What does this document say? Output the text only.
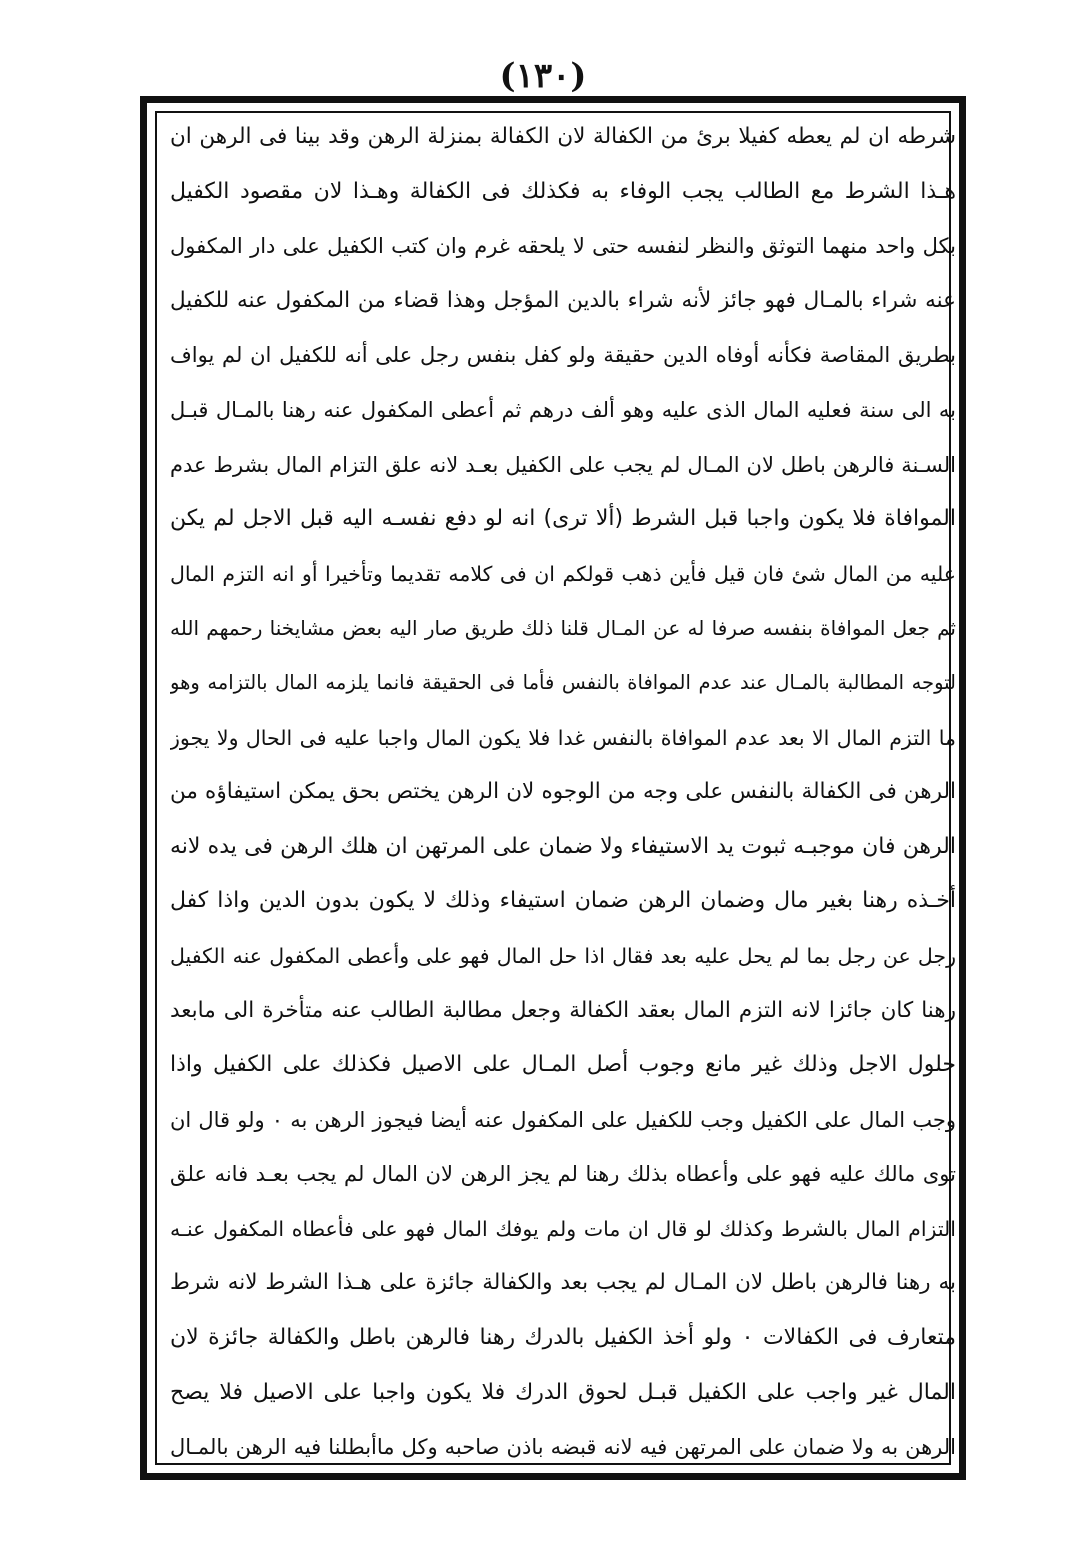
(١٣٠)
شرطه ان لم يعطه كفيلا برئ من الكفالة لان الكفالة بمنزلة الرهن وقد بينا فى الرهن ان
هـذا الشرط مع الطالب يجب الوفاء به فكذلك فى الكفالة وهـذا لان مقصود الكفيل
بكل واحد منهما التوثق والنظر لنفسه حتى لا يلحقه غرم وان كتب الكفيل على دار المكفول
عنه شراء بالمـال فهو جائز لأنه شراء بالدين المؤجل وهذا قضاء من المكفول عنه للكفيل
بطريق المقاصة فكأنه أوفاه الدين حقيقة ولو كفل بنفس رجل على أنه للكفيل ان لم يواف
به الى سنة فعليه المال الذى عليه وهو ألف درهم ثم أعطى المكفول عنه رهنا بالمـال قبـل
السـنة فالرهن باطل لان المـال لم يجب على الكفيل بعـد لانه علق التزام المال بشرط عدم
الموافاة فلا يكون واجبا قبل الشرط (ألا ترى) انه لو دفع نفسـه اليه قبل الاجل لم يكن
عليه من المال شئ فان قيل فأين ذهب قولكم ان فى كلامه تقديما وتأخيرا أو انه التزم المال
ثم جعل الموافاة بنفسه صرفا له عن المـال قلنا ذلك طريق صار اليه بعض مشايخنا رحمهم الله
لتوجه المطالبة بالمـال عند عدم الموافاة بالنفس فأما فى الحقيقة فانما يلزمه المال بالتزامه وهو
ما التزم المال الا بعد عدم الموافاة بالنفس غدا فلا يكون المال واجبا عليه فى الحال ولا يجوز
الرهن فى الكفالة بالنفس على وجه من الوجوه لان الرهن يختص بحق يمكن استيفاؤه من
الرهن فان موجبـه ثبوت يد الاستيفاء ولا ضمان على المرتهن ان هلك الرهن فى يده لانه
أخـذه رهنا بغير مال وضمان الرهن ضمان استيفاء وذلك لا يكون بدون الدين واذا كفل
رجل عن رجل بما لم يحل عليه بعد فقال اذا حل المال فهو على وأعطى المكفول عنه الكفيل
رهنا كان جائزا لانه التزم المال بعقد الكفالة وجعل مطالبة الطالب عنه متأخرة الى مابعد
حلول الاجل وذلك غير مانع وجوب أصل المـال على الاصيل فكذلك على الكفيل واذا
وجب المال على الكفيل وجب للكفيل على المكفول عنه أيضا فيجوز الرهن به ٠ ولو قال ان
توى مالك عليه فهو على وأعطاه بذلك رهنا لم يجز الرهن لان المال لم يجب بعـد فانه علق
التزام المال بالشرط وكذلك لو قال ان مات ولم يوفك المال فهو على فأعطاه المكفول عنـه
به رهنا فالرهن باطل لان المـال لم يجب بعد والكفالة جائزة على هـذا الشرط لانه شرط
متعارف فى الكفالات ٠ ولو أخذ الكفيل بالدرك رهنا فالرهن باطل والكفالة جائزة لان
المال غير واجب على الكفيل قبـل لحوق الدرك فلا يكون واجبا على الاصيل فلا يصح
الرهن به ولا ضمان على المرتهن فيه لانه قبضه باذن صاحبه وكل ماأبطلنا فيه الرهن بالمـال
